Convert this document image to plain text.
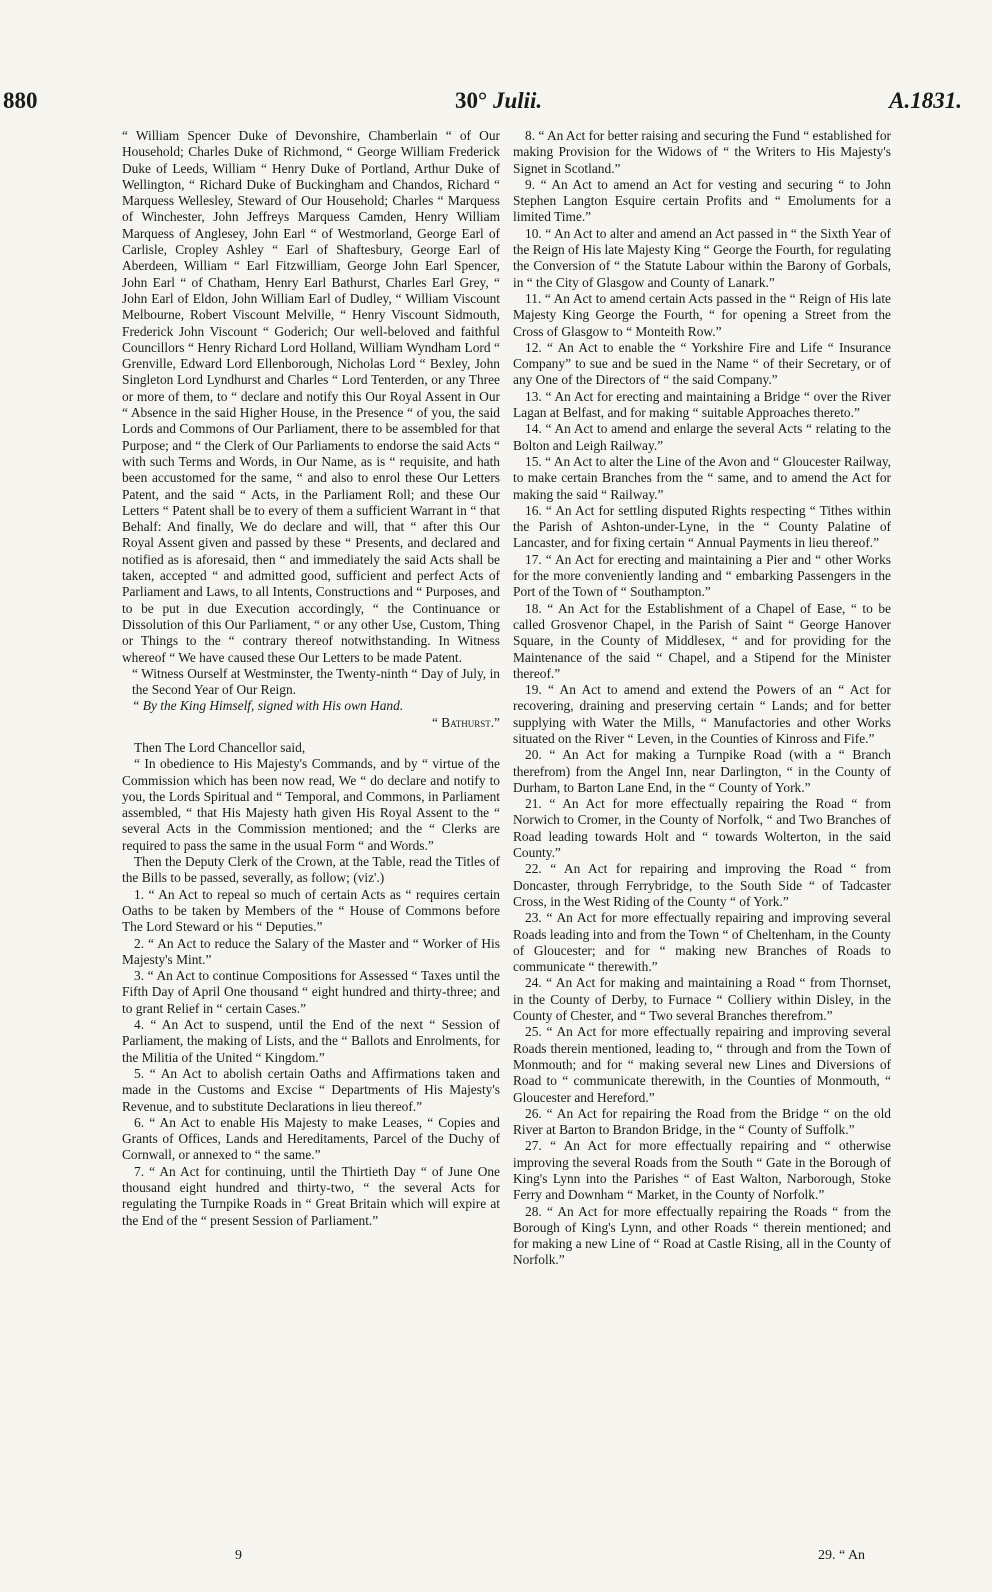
880	30° Julii.	A.1831.

“ William Spencer Duke of Devonshire, Chamberlain “ of Our Household; Charles Duke of Richmond, “ George William Frederick Duke of Leeds, William “ Henry Duke of Portland, Arthur Duke of Wellington, “ Richard Duke of Buckingham and Chandos, Richard “ Marquess Wellesley, Steward of Our Household; Charles “ Marquess of Winchester, John Jeffreys Marquess Camden, Henry William Marquess of Anglesey, John Earl “ of Westmorland, George Earl of Carlisle, Cropley Ashley “ Earl of Shaftesbury, George Earl of Aberdeen, William “ Earl Fitzwilliam, George John Earl Spencer, John Earl “ of Chatham, Henry Earl Bathurst, Charles Earl Grey, “ John Earl of Eldon, John William Earl of Dudley, “ William Viscount Melbourne, Robert Viscount Melville, “ Henry Viscount Sidmouth, Frederick John Viscount “ Goderich; Our well-beloved and faithful Councillors “ Henry Richard Lord Holland, William Wyndham Lord “ Grenville, Edward Lord Ellenborough, Nicholas Lord “ Bexley, John Singleton Lord Lyndhurst and Charles “ Lord Tenterden, or any Three or more of them, to “ declare and notify this Our Royal Assent in Our “ Absence in the said Higher House, in the Presence “ of you, the said Lords and Commons of Our Parliament, there to be assembled for that Purpose; and “ the Clerk of Our Parliaments to endorse the said Acts “ with such Terms and Words, in Our Name, as is “ requisite, and hath been accustomed for the same, “ and also to enrol these Our Letters Patent, and the said “ Acts, in the Parliament Roll; and these Our Letters “ Patent shall be to every of them a sufficient Warrant in “ that Behalf: And finally, We do declare and will, that “ after this Our Royal Assent given and passed by these “ Presents, and declared and notified as is aforesaid, then “ and immediately the said Acts shall be taken, accepted “ and admitted good, sufficient and perfect Acts of Parliament and Laws, to all Intents, Constructions and “ Purposes, and to be put in due Execution accordingly, “ the Continuance or Dissolution of this Our Parliament, “ or any other Use, Custom, Thing or Things to the “ contrary thereof notwithstanding. In Witness whereof “ We have caused these Our Letters to be made Patent.

“ Witness Ourself at Westminster, the Twenty-ninth “ Day of July, in the Second Year of Our Reign.

“ By the King Himself, signed with His own Hand.

“ Bathurst.”

Then The Lord Chancellor said,

“ In obedience to His Majesty's Commands, and by “ virtue of the Commission which has been now read, We “ do declare and notify to you, the Lords Spiritual and “ Temporal, and Commons, in Parliament assembled, “ that His Majesty hath given His Royal Assent to the “ several Acts in the Commission mentioned; and the “ Clerks are required to pass the same in the usual Form “ and Words.”

Then the Deputy Clerk of the Crown, at the Table, read the Titles of the Bills to be passed, severally, as follow; (viz'.)

1. “ An Act to repeal so much of certain Acts as “ requires certain Oaths to be taken by Members of the “ House of Commons before The Lord Steward or his “ Deputies.”

2. “ An Act to reduce the Salary of the Master and “ Worker of His Majesty's Mint.”

3. “ An Act to continue Compositions for Assessed “ Taxes until the Fifth Day of April One thousand “ eight hundred and thirty-three; and to grant Relief in “ certain Cases.”

4. “ An Act to suspend, until the End of the next “ Session of Parliament, the making of Lists, and the “ Ballots and Enrolments, for the Militia of the United “ Kingdom.”

5. “ An Act to abolish certain Oaths and Affirmations taken and made in the Customs and Excise “ Departments of His Majesty's Revenue, and to substitute Declarations in lieu thereof.”

6. “ An Act to enable His Majesty to make Leases, “ Copies and Grants of Offices, Lands and Hereditaments, Parcel of the Duchy of Cornwall, or annexed to “ the same.”

7. “ An Act for continuing, until the Thirtieth Day “ of June One thousand eight hundred and thirty-two, “ the several Acts for regulating the Turnpike Roads in “ Great Britain which will expire at the End of the “ present Session of Parliament.”

8. “ An Act for better raising and securing the Fund “ established for making Provision for the Widows of “ the Writers to His Majesty's Signet in Scotland.”

9. “ An Act to amend an Act for vesting and securing “ to John Stephen Langton Esquire certain Profits and “ Emoluments for a limited Time.”

10. “ An Act to alter and amend an Act passed in “ the Sixth Year of the Reign of His late Majesty King “ George the Fourth, for regulating the Conversion of “ the Statute Labour within the Barony of Gorbals, in “ the City of Glasgow and County of Lanark.”

11. “ An Act to amend certain Acts passed in the “ Reign of His late Majesty King George the Fourth, “ for opening a Street from the Cross of Glasgow to “ Monteith Row.”

12. “ An Act to enable the “ Yorkshire Fire and Life “ Insurance Company” to sue and be sued in the Name “ of their Secretary, or of any One of the Directors of “ the said Company.”

13. “ An Act for erecting and maintaining a Bridge “ over the River Lagan at Belfast, and for making “ suitable Approaches thereto.”

14. “ An Act to amend and enlarge the several Acts “ relating to the Bolton and Leigh Railway.”

15. “ An Act to alter the Line of the Avon and “ Gloucester Railway, to make certain Branches from the “ same, and to amend the Act for making the said “ Railway.”

16. “ An Act for settling disputed Rights respecting “ Tithes within the Parish of Ashton-under-Lyne, in the “ County Palatine of Lancaster, and for fixing certain “ Annual Payments in lieu thereof.”

17. “ An Act for erecting and maintaining a Pier and “ other Works for the more conveniently landing and “ embarking Passengers in the Port of the Town of “ Southampton.”

18. “ An Act for the Establishment of a Chapel of Ease, “ to be called Grosvenor Chapel, in the Parish of Saint “ George Hanover Square, in the County of Middlesex, “ and for providing for the Maintenance of the said “ Chapel, and a Stipend for the Minister thereof.”

19. “ An Act to amend and extend the Powers of an “ Act for recovering, draining and preserving certain “ Lands; and for better supplying with Water the Mills, “ Manufactories and other Works situated on the River “ Leven, in the Counties of Kinross and Fife.”

20. “ An Act for making a Turnpike Road (with a “ Branch therefrom) from the Angel Inn, near Darlington, “ in the County of Durham, to Barton Lane End, in the “ County of York.”

21. “ An Act for more effectually repairing the Road “ from Norwich to Cromer, in the County of Norfolk, “ and Two Branches of Road leading towards Holt and “ towards Wolterton, in the said County.”

22. “ An Act for repairing and improving the Road “ from Doncaster, through Ferrybridge, to the South Side “ of Tadcaster Cross, in the West Riding of the County “ of York.”

23. “ An Act for more effectually repairing and improving several Roads leading into and from the Town “ of Cheltenham, in the County of Gloucester; and for “ making new Branches of Roads to communicate “ therewith.”

24. “ An Act for making and maintaining a Road “ from Thornset, in the County of Derby, to Furnace “ Colliery within Disley, in the County of Chester, and “ Two several Branches therefrom.”

25. “ An Act for more effectually repairing and improving several Roads therein mentioned, leading to, “ through and from the Town of Monmouth; and for “ making several new Lines and Diversions of Road to “ communicate therewith, in the Counties of Monmouth, “ Gloucester and Hereford.”

26. “ An Act for repairing the Road from the Bridge “ on the old River at Barton to Brandon Bridge, in the “ County of Suffolk.”

27. “ An Act for more effectually repairing and “ otherwise improving the several Roads from the South “ Gate in the Borough of King's Lynn into the Parishes “ of East Walton, Narborough, Stoke Ferry and Downham “ Market, in the County of Norfolk.”

28. “ An Act for more effectually repairing the Roads “ from the Borough of King's Lynn, and other Roads “ therein mentioned; and for making a new Line of “ Road at Castle Rising, all in the County of Norfolk.”

9	29. “ An
